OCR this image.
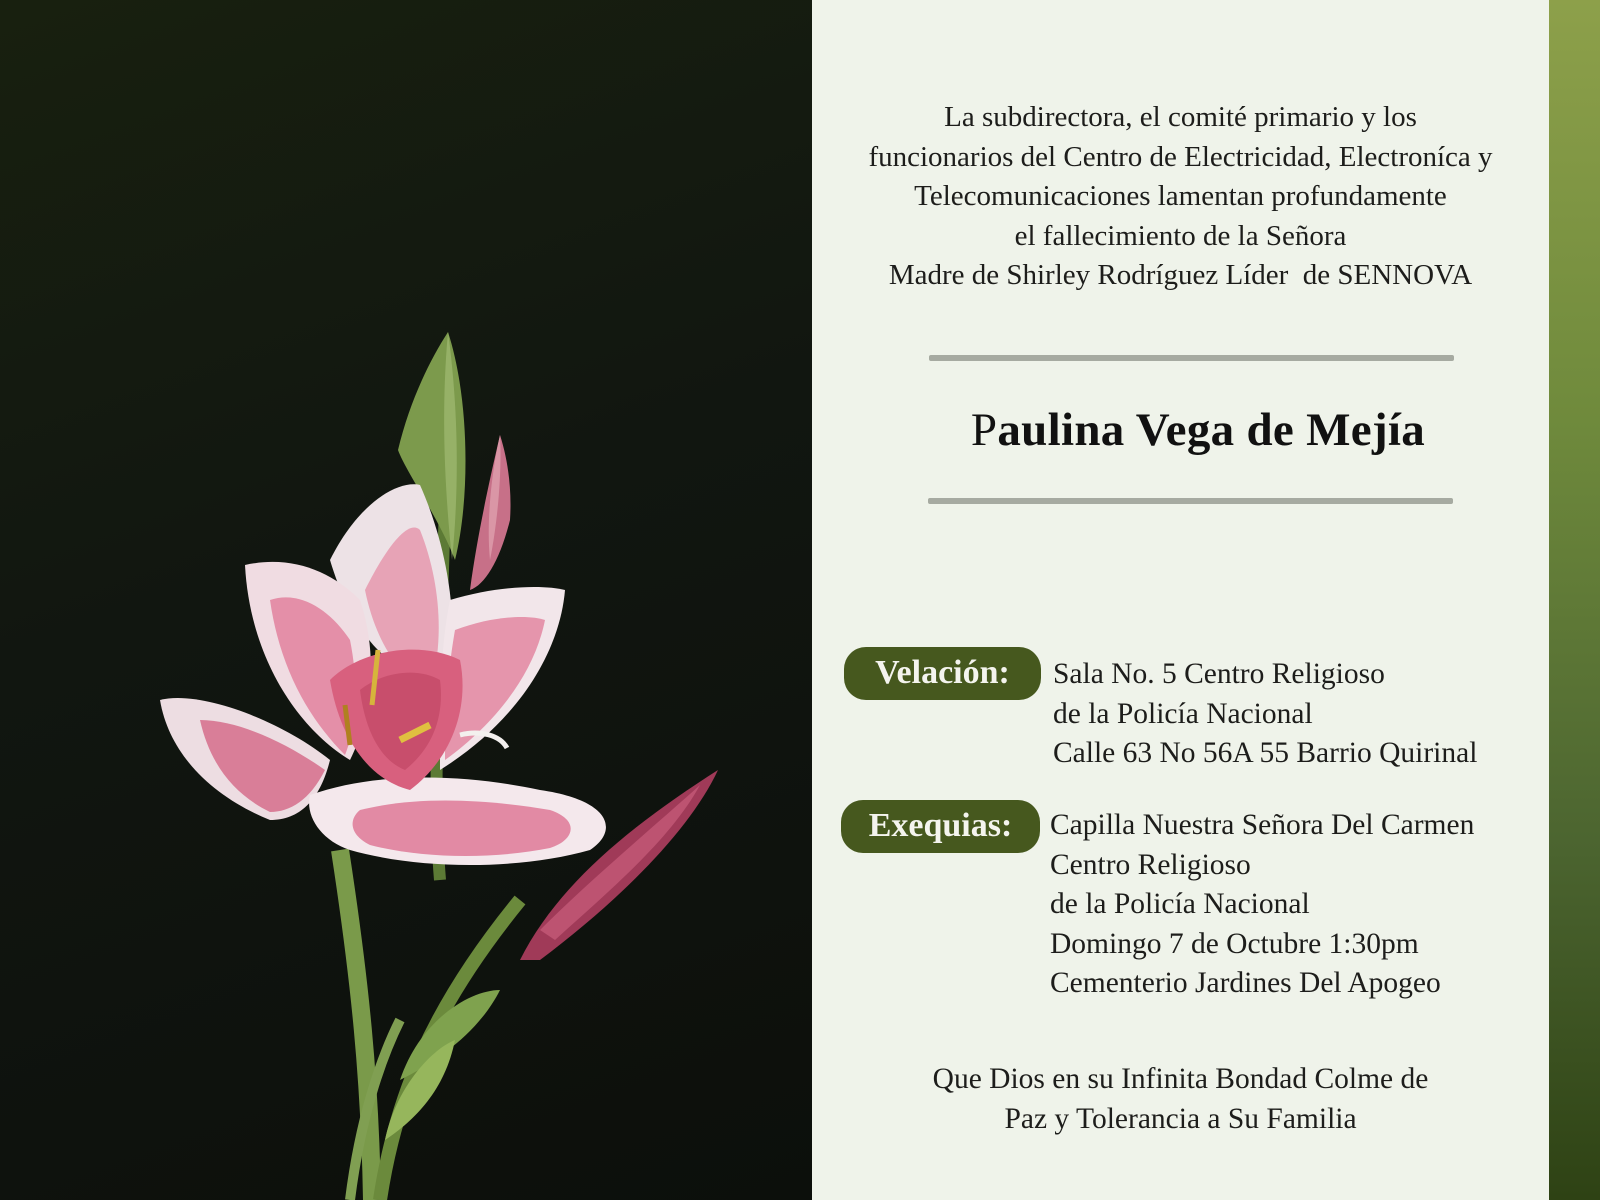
La subdirectora, el comité primario y los
funcionarios del Centro de Electricidad, Electroníca y
Telecomunicaciones lamentan profundamente
el fallecimiento de la Señora
Madre de Shirley Rodríguez Líder  de SENNOVA
Paulina Vega de Mejía
Velación:	Sala No. 5 Centro Religioso
de la Policía Nacional
Calle 63 No 56A 55 Barrio Quirinal
Exequias:	Capilla Nuestra Señora Del Carmen
Centro Religioso
de la Policía Nacional
Domingo 7 de Octubre 1:30pm
Cementerio Jardines Del Apogeo
Que Dios en su Infinita Bondad Colme de
Paz y Tolerancia a Su Familia
